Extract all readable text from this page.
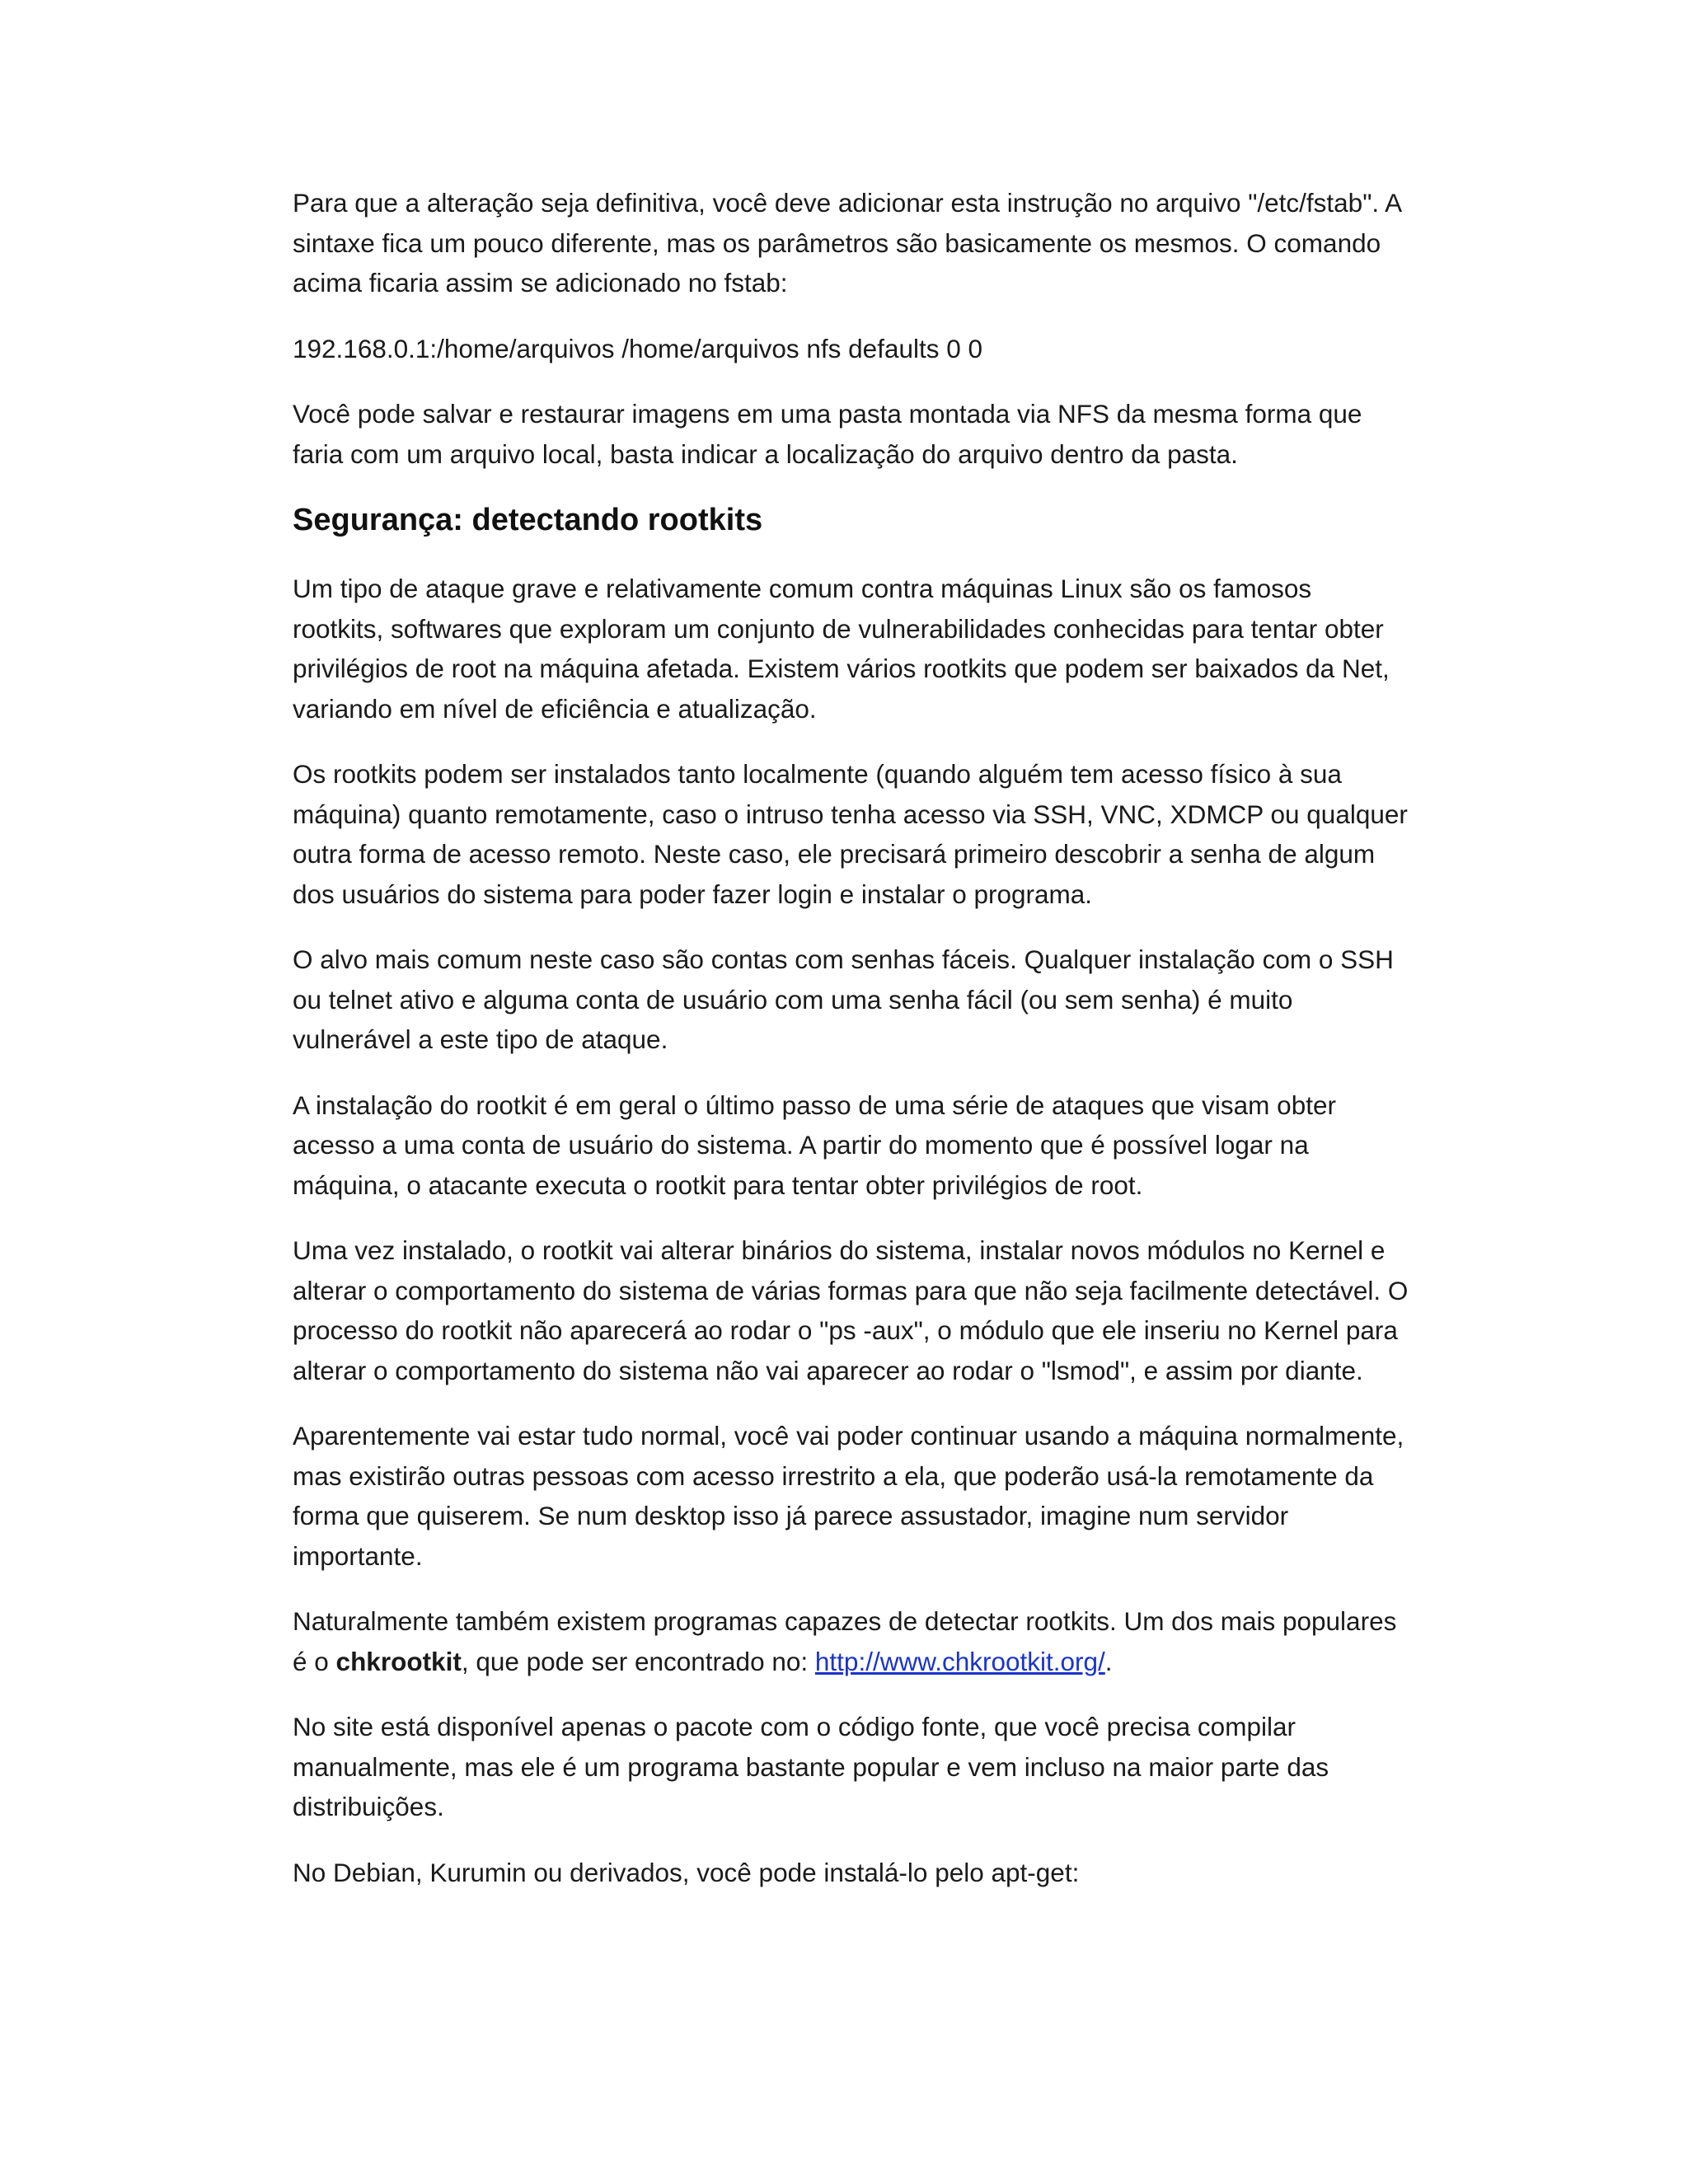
Para que a alteração seja definitiva, você deve adicionar esta instrução no arquivo "/etc/fstab". A sintaxe fica um pouco diferente, mas os parâmetros são basicamente os mesmos. O comando acima ficaria assim se adicionado no fstab:

192.168.0.1:/home/arquivos /home/arquivos nfs defaults 0 0

Você pode salvar e restaurar imagens em uma pasta montada via NFS da mesma forma que faria com um arquivo local, basta indicar a localização do arquivo dentro da pasta.

Segurança: detectando rootkits

Um tipo de ataque grave e relativamente comum contra máquinas Linux são os famosos rootkits, softwares que exploram um conjunto de vulnerabilidades conhecidas para tentar obter privilégios de root na máquina afetada. Existem vários rootkits que podem ser baixados da Net, variando em nível de eficiência e atualização.

Os rootkits podem ser instalados tanto localmente (quando alguém tem acesso físico à sua máquina) quanto remotamente, caso o intruso tenha acesso via SSH, VNC, XDMCP ou qualquer outra forma de acesso remoto. Neste caso, ele precisará primeiro descobrir a senha de algum dos usuários do sistema para poder fazer login e instalar o programa.

O alvo mais comum neste caso são contas com senhas fáceis. Qualquer instalação com o SSH ou telnet ativo e alguma conta de usuário com uma senha fácil (ou sem senha) é muito vulnerável a este tipo de ataque.

A instalação do rootkit é em geral o último passo de uma série de ataques que visam obter acesso a uma conta de usuário do sistema. A partir do momento que é possível logar na máquina, o atacante executa o rootkit para tentar obter privilégios de root.

Uma vez instalado, o rootkit vai alterar binários do sistema, instalar novos módulos no Kernel e alterar o comportamento do sistema de várias formas para que não seja facilmente detectável. O processo do rootkit não aparecerá ao rodar o "ps -aux", o módulo que ele inseriu no Kernel para alterar o comportamento do sistema não vai aparecer ao rodar o "lsmod", e assim por diante.

Aparentemente vai estar tudo normal, você vai poder continuar usando a máquina normalmente, mas existirão outras pessoas com acesso irrestrito a ela, que poderão usá-la remotamente da forma que quiserem. Se num desktop isso já parece assustador, imagine num servidor importante.

Naturalmente também existem programas capazes de detectar rootkits. Um dos mais populares é o chkrootkit, que pode ser encontrado no: http://www.chkrootkit.org/.

No site está disponível apenas o pacote com o código fonte, que você precisa compilar manualmente, mas ele é um programa bastante popular e vem incluso na maior parte das distribuições.

No Debian, Kurumin ou derivados, você pode instalá-lo pelo apt-get:
